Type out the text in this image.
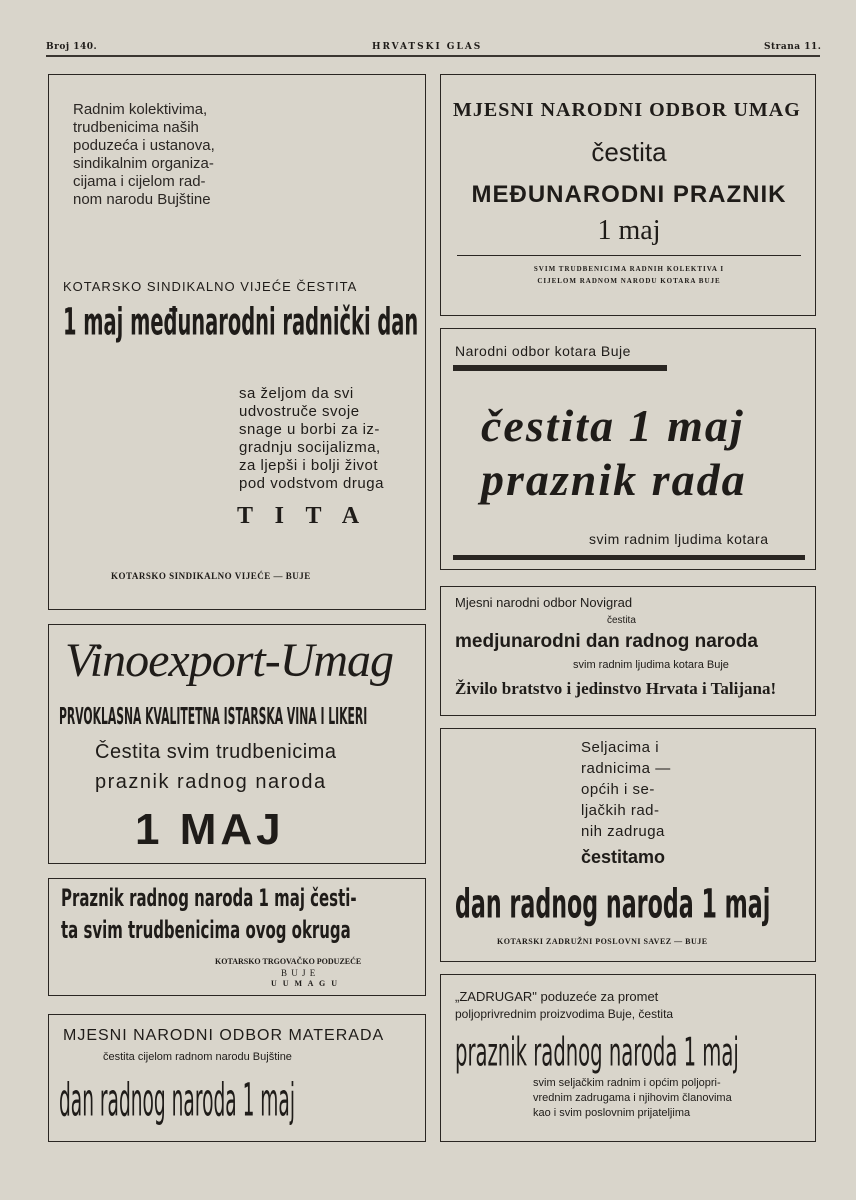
Broj 140.	HRVATSKI GLAS	Strana 11.
Radnim kolektivima,
trudbenicima naših
poduzeća i ustanova,
sindikalnim organiza-
cijama i cijelom rad-
nom narodu Bujštine
KOTARSKO SINDIKALNO VIJEĆE ČESTITA
1 maj međunarodni radnički dan
sa željom da svi
udvostruče svoje
snage u borbi za iz-
gradnju socijalizma,
za ljepši i bolji život
pod vodstvom druga
T I T A
KOTARSKO SINDIKALNO VIJEĆE — BUJE
Vinoexport-Umag
PRVOKLASNA KVALITETNA ISTARSKA VINA I LIKERI
Čestita svim trudbenicima
praznik radnog naroda
1 MAJ
Praznik radnog naroda 1 maj česti-
ta svim trudbenicima ovog okruga
KOTARSKO TRGOVAČKO PODUZEĆE
B U J E
U U M A G U
MJESNI NARODNI ODBOR MATERADA
čestita cijelom radnom narodu Bujštine
dan radnog naroda 1 maj
MJESNI NARODNI ODBOR UMAG
čestita
MEĐUNARODNI PRAZNIK
1 maj
SVIM TRUDBENICIMA RADNIH KOLEKTIVA I
CIJELOM RADNOM NARODU KOTARA BUJE
Narodni odbor kotara Buje
čestita 1 maj
praznik rada
svim radnim ljudima kotara
Mjesni narodni odbor Novigrad
čestita
medjunarodni dan radnog naroda
svim radnim ljudima kotara Buje
Živilo bratstvo i jedinstvo Hrvata i Talijana!
Seljacima i
radnicima —
općih i se-
ljačkih rad-
nih zadruga
čestitamo
dan radnog naroda 1 maj
KOTARSKI ZADRUŽNI POSLOVNI SAVEZ — BUJE
„ZADRUGAR" poduzeće za promet
poljoprivrednim proizvodima Buje, čestita
praznik radnog naroda 1 maj
svim seljačkim radnim i općim poljopri-
vrednim zadrugama i njihovim članovima
kao i svim poslovnim prijateljima
